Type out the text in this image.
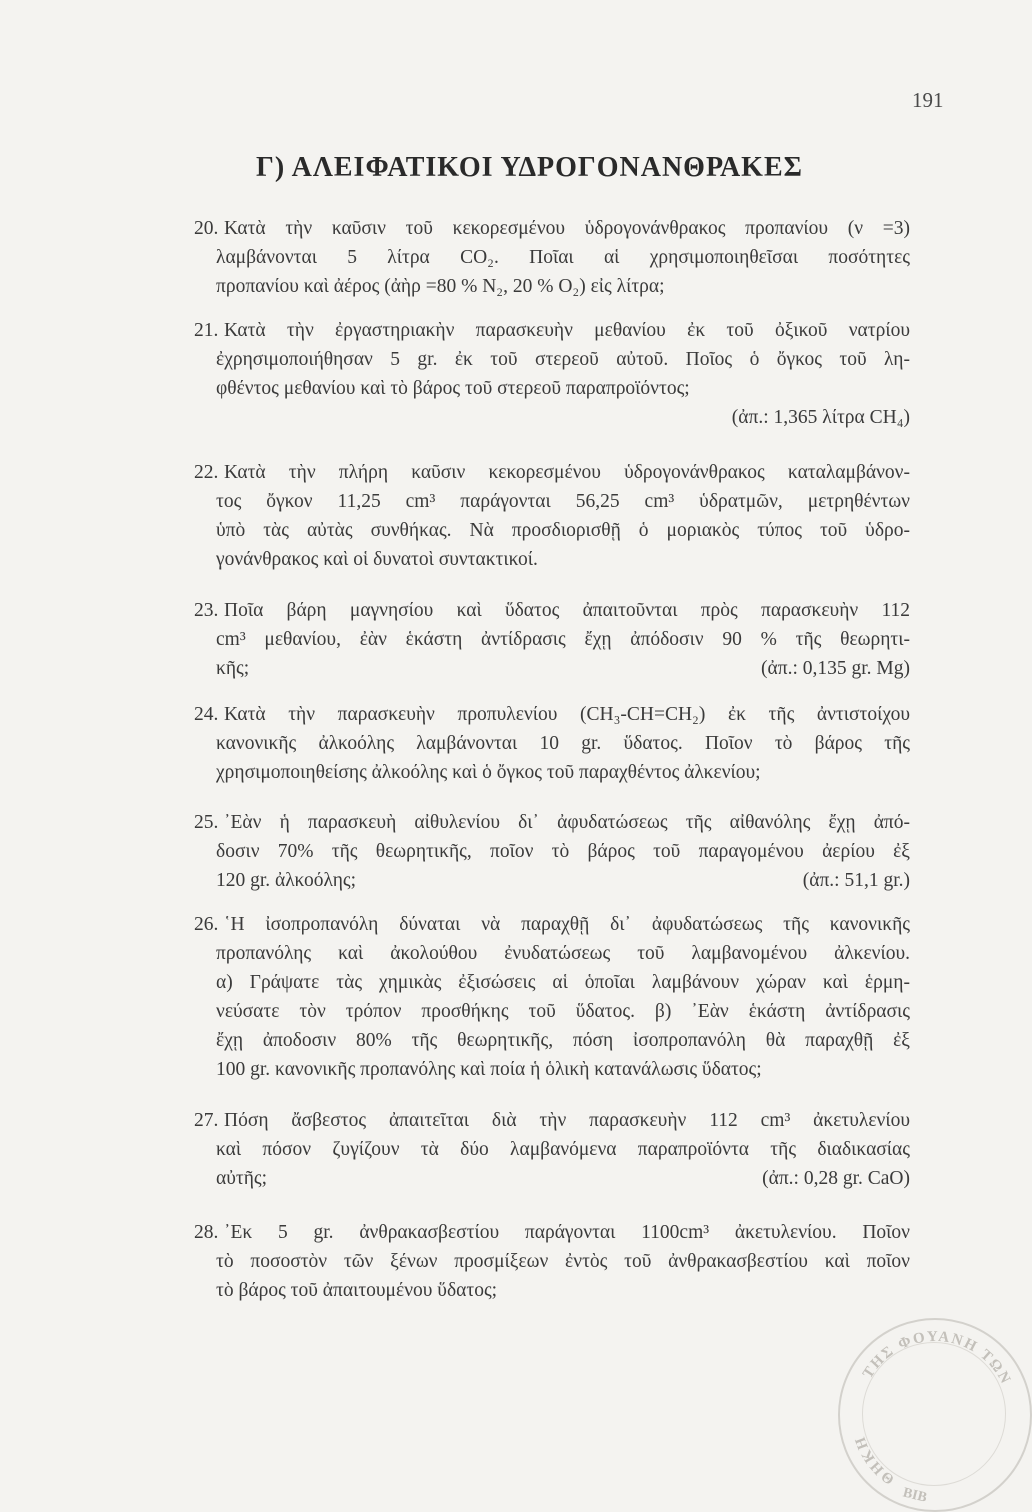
191
Γ) ΑΛΕΙΦΑΤΙΚΟΙ ΥΔΡΟΓΟΝΑΝΘΡΑΚΕΣ
20. Κατὰ τὴν καῦσιν τοῦ κεκορεσμένου ὑδρογονάνθρακος προπανίου (ν =3)
λαμβάνονται 5 λίτρα CO₂. Ποῖαι αἱ χρησιμοποιηθεῖσαι ποσότητες
προπανίου καὶ ἀέρος (ἀὴρ =80 % N₂, 20 % O₂) εἰς λίτρα;
21. Κατὰ τὴν ἐργαστηριακὴν παρασκευὴν μεθανίου ἐκ τοῦ ὀξικοῦ νατρίου
ἐχρησιμοποιήθησαν 5 gr. ἐκ τοῦ στερεοῦ αὐτοῦ. Ποῖος ὁ ὄγκος τοῦ λη-
φθέντος μεθανίου καὶ τὸ βάρος τοῦ στερεοῦ παραπροϊόντος;
(ἀπ.: 1,365 λίτρα CH₄)
22. Κατὰ τὴν πλήρη καῦσιν κεκορεσμένου ὑδρογονάνθρακος καταλαμβάνον-
τος ὄγκον 11,25 cm³ παράγονται 56,25 cm³ ὑδρατμῶν, μετρηθέντων
ὑπὸ τὰς αὐτὰς συνθήκας. Νὰ προσδιορισθῇ ὁ μοριακὸς τύπος τοῦ ὑδρο-
γονάνθρακος καὶ οἱ δυνατοὶ συντακτικοί.
23. Ποῖα βάρη μαγνησίου καὶ ὕδατος ἀπαιτοῦνται πρὸς παρασκευὴν 112
cm³ μεθανίου, ἐὰν ἑκάστη ἀντίδρασις ἔχῃ ἀπόδοσιν 90 % τῆς θεωρητι-
κῆς;	(ἀπ.: 0,135 gr. Mg)
24. Κατὰ τὴν παρασκευὴν προπυλενίου (CH₃-CH=CH₂) ἐκ τῆς ἀντιστοίχου
κανονικῆς ἀλκοόλης λαμβάνονται 10 gr. ὕδατος. Ποῖον τὸ βάρος τῆς
χρησιμοποιηθείσης ἀλκοόλης καὶ ὁ ὄγκος τοῦ παραχθέντος ἀλκενίου;
25. ᾿Εὰν ἡ παρασκευὴ αἰθυλενίου δι᾿ ἀφυδατώσεως τῆς αἰθανόλης ἔχῃ ἀπό-
δοσιν 70% τῆς θεωρητικῆς, ποῖον τὸ βάρος τοῦ παραγομένου ἀερίου ἐξ
120 gr. ἀλκοόλης;	(ἀπ.: 51,1 gr.)
26. ῾Η ἰσοπροπανόλη δύναται νὰ παραχθῇ δι᾿ ἀφυδατώσεως τῆς κανονικῆς
προπανόλης καὶ ἀκολούθου ἐνυδατώσεως τοῦ λαμβανομένου ἀλκενίου.
α) Γράψατε τὰς χημικὰς ἐξισώσεις αἱ ὁποῖαι λαμβάνουν χώραν καὶ ἑρμη-
νεύσατε τὸν τρόπον προσθήκης τοῦ ὕδατος. β) ᾿Εὰν ἑκάστη ἀντίδρασις
ἔχῃ ἀποδοσιν 80% τῆς θεωρητικῆς, πόση ἰσοπροπανόλη θὰ παραχθῇ ἐξ
100 gr. κανονικῆς προπανόλης καὶ ποία ἡ ὁλικὴ κατανάλωσις ὕδατος;
27. Πόση ἄσβεστος ἀπαιτεῖται διὰ τὴν παρασκευὴν 112 cm³ ἀκετυλενίου
καὶ πόσον ζυγίζουν τὰ δύο λαμβανόμενα παραπροϊόντα τῆς διαδικασίας
αὐτῆς;	(ἀπ.: 0,28 gr. CaO)
28. ᾿Εκ 5 gr. ἀνθρακασβεστίου παράγονται 1100cm³ ἀκετυλενίου. Ποῖον
τὸ ποσοστὸν τῶν ξένων προσμίξεων ἐντὸς τοῦ ἀνθρακασβεστίου καὶ ποῖον
τὸ βάρος τοῦ ἀπαιτουμένου ὕδατος;
ΤΗΣ ΦΟΥΑΝΗ ΤΩΝ
ΘΗΚΗ
ΒΙΒ
